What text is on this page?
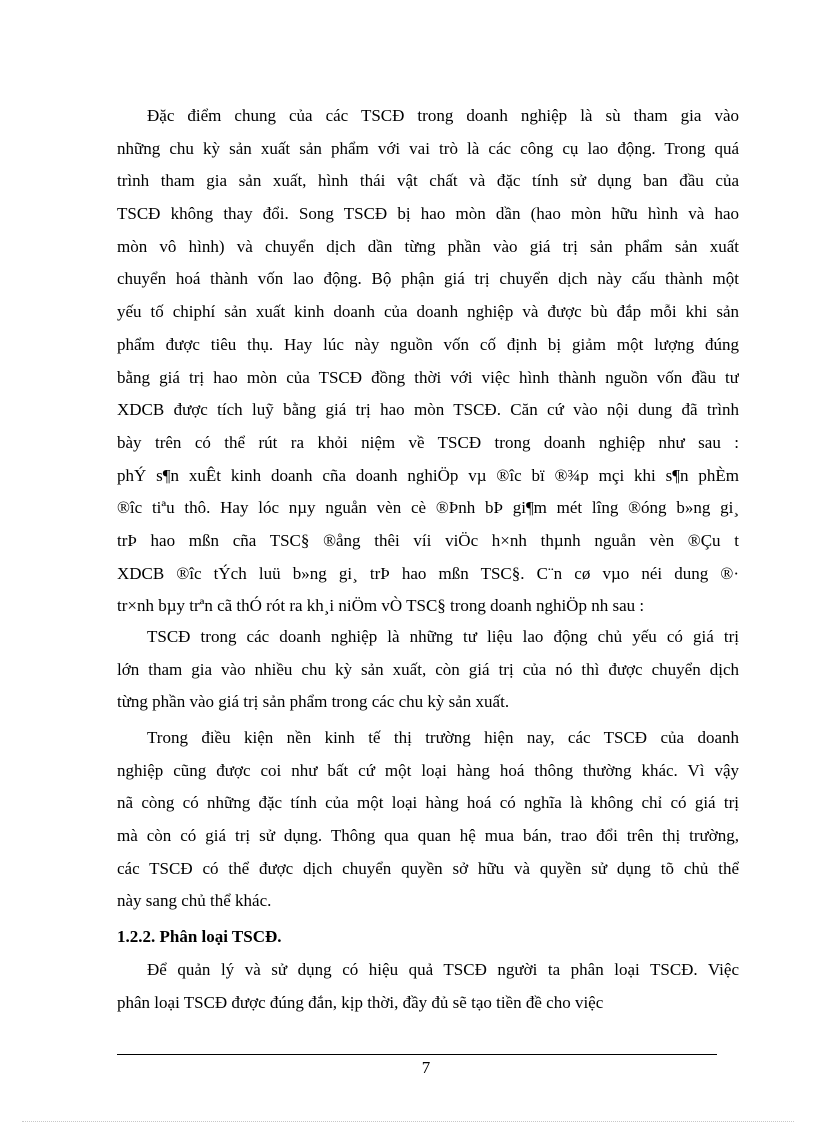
Đặc điểm chung của các TSCĐ trong doanh nghiệp là sù tham gia vào
những chu kỳ sản xuất sản phẩm với vai trò là các công cụ lao động. Trong quá
trình tham gia sản xuất, hình thái vật chất và đặc tính sử dụng ban đầu của
TSCĐ không thay đổi. Song TSCĐ bị hao mòn dần (hao mòn hữu hình và hao
mòn vô hình) và chuyển dịch dần từng phần vào giá trị sản phẩm sản xuất
chuyển hoá thành vốn lao động. Bộ phận giá trị chuyển dịch này cấu thành một
yếu tố chiphí sản xuất kinh doanh của doanh nghiệp và được bù đắp mỗi khi sản
phẩm được tiêu thụ. Hay lúc này nguồn vốn cố định bị giảm một lượng đúng
bằng giá trị hao mòn của TSCĐ đồng thời với việc hình thành nguồn vốn đầu tư
XDCB được tích luỹ bằng giá trị hao mòn TSCĐ. Căn cứ vào nội dung đã trình
bày trên có thể rút ra khỏi niệm về TSCĐ trong doanh nghiệp như sau :
phÝ s¶n xuÊt kinh doanh cña doanh nghiÖp vµ ®îc bï ®¾p mçi khi s¶n phÈm
®îc tiªu thô. Hay lóc nµy nguån vèn cè ®Þnh bÞ gi¶m mét lîng ®óng b»ng gi¸
trÞ hao mßn cña TSC§ ®ång thêi víi viÖc h×nh thµnh nguån vèn ®Çu t
XDCB ®îc tÝch luü b»ng gi¸ trÞ hao mßn TSC§. C¨n cø vµo néi dung ®·
tr×nh bµy trªn cã thÓ rót ra kh¸i niÖm vÒ TSC§ trong doanh nghiÖp nh sau :
TSCĐ trong các doanh nghiệp là những tư liệu lao động chủ yếu có giá trị
lớn tham gia vào nhiều chu kỳ sản xuất, còn giá trị của nó thì được chuyển dịch
từng phần vào giá trị sản phẩm trong các chu kỳ sản xuất.
Trong điều kiện nền kinh tế thị trường hiện nay, các TSCĐ của doanh
nghiệp cũng được coi như bất cứ một loại hàng hoá thông thường khác. Vì vậy
nã còng có những đặc tính của một loại hàng hoá có nghĩa là không chỉ có giá trị
mà còn có giá trị sử dụng. Thông qua quan hệ mua bán, trao đổi trên thị trường,
các TSCĐ có thể được dịch chuyển quyền sở hữu và quyền sử dụng tõ chủ thể
này sang chủ thể khác.
1.2.2. Phân loại TSCĐ.
Để quản lý và sử dụng có hiệu quả TSCĐ người ta phân loại TSCĐ. Việc
phân loại TSCĐ được đúng đắn, kịp thời, đầy đủ sẽ tạo tiền đề cho việc
7
